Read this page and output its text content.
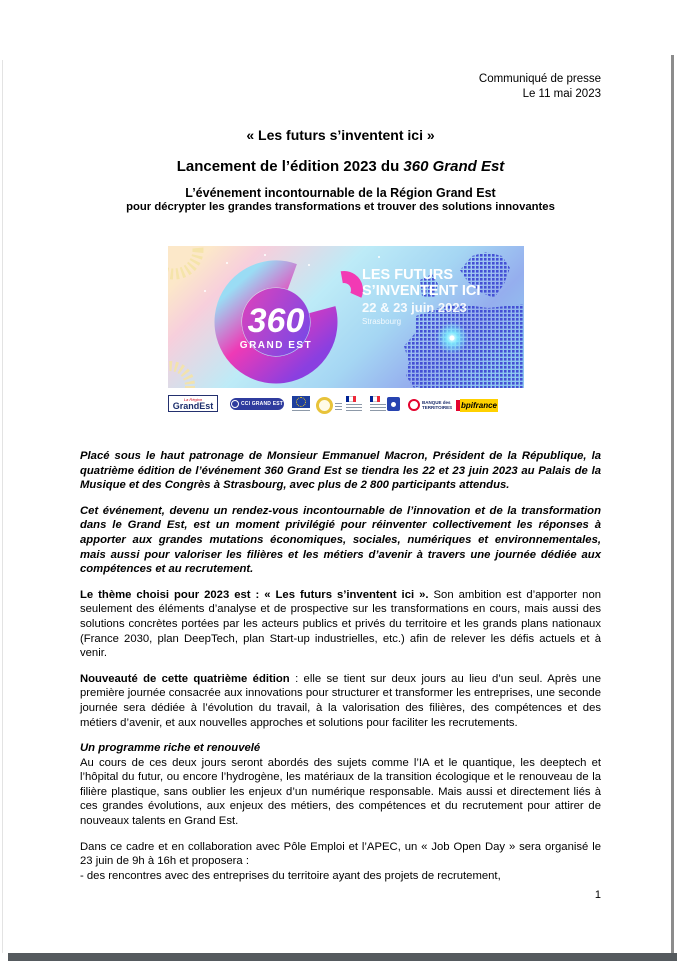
Communiqué de presse
Le 11 mai 2023
« Les futurs s’inventent ici »
Lancement de l’édition 2023 du 360 Grand Est
L’événement incontournable de la Région Grand Est
pour décrypter les grandes transformations et trouver des solutions innovantes
360
GRAND EST
LES FUTURS
S’INVENTENT ICI
22 & 23 juin 2023
Strasbourg
La Région
GrandEst	CCI GRAND EST	BANQUE des
TERRITOIRES bpifrance

Placé sous le haut patronage de Monsieur Emmanuel Macron, Président de la République, la quatrième édition de l’événement 360 Grand Est se tiendra les 22 et 23 juin 2023 au Palais de la Musique et des Congrès à Strasbourg, avec plus de 2 800 participants attendus.

Cet événement, devenu un rendez-vous incontournable de l’innovation et de la transformation dans le Grand Est, est un moment privilégié pour réinventer collectivement les réponses à apporter aux grandes mutations économiques, sociales, numériques et environnementales, mais aussi pour valoriser les filières et les métiers d’avenir à travers une journée dédiée aux compétences et au recrutement.

Le thème choisi pour 2023 est : « Les futurs s’inventent ici ». Son ambition est d’apporter non seulement des éléments d’analyse et de prospective sur les transformations en cours, mais aussi des solutions concrètes portées par les acteurs publics et privés du territoire et les grands plans nationaux (France 2030, plan DeepTech, plan Start-up industrielles, etc.) afin de relever les défis actuels et à venir.

Nouveauté de cette quatrième édition : elle se tient sur deux jours au lieu d’un seul. Après une première journée consacrée aux innovations pour structurer et transformer les entreprises, une seconde journée sera dédiée à l’évolution du travail, à la valorisation des filières, des compétences et des métiers d’avenir, et aux nouvelles approches et solutions pour faciliter les recrutements.

Un programme riche et renouvelé

Au cours de ces deux jours seront abordés des sujets comme l’IA et le quantique, les deeptech et l’hôpital du futur, ou encore l’hydrogène, les matériaux de la transition écologique et le renouveau de la filière plastique, sans oublier les enjeux d’un numérique responsable. Mais aussi et directement liés à ces grandes évolutions, aux enjeux des métiers, des compétences et du recrutement pour attirer de nouveaux talents en Grand Est.

Dans ce cadre et en collaboration avec Pôle Emploi et l’APEC, un « Job Open Day » sera organisé le 23 juin de 9h à 16h et proposera :
- des rencontres avec des entreprises du territoire ayant des projets de recrutement,
1
